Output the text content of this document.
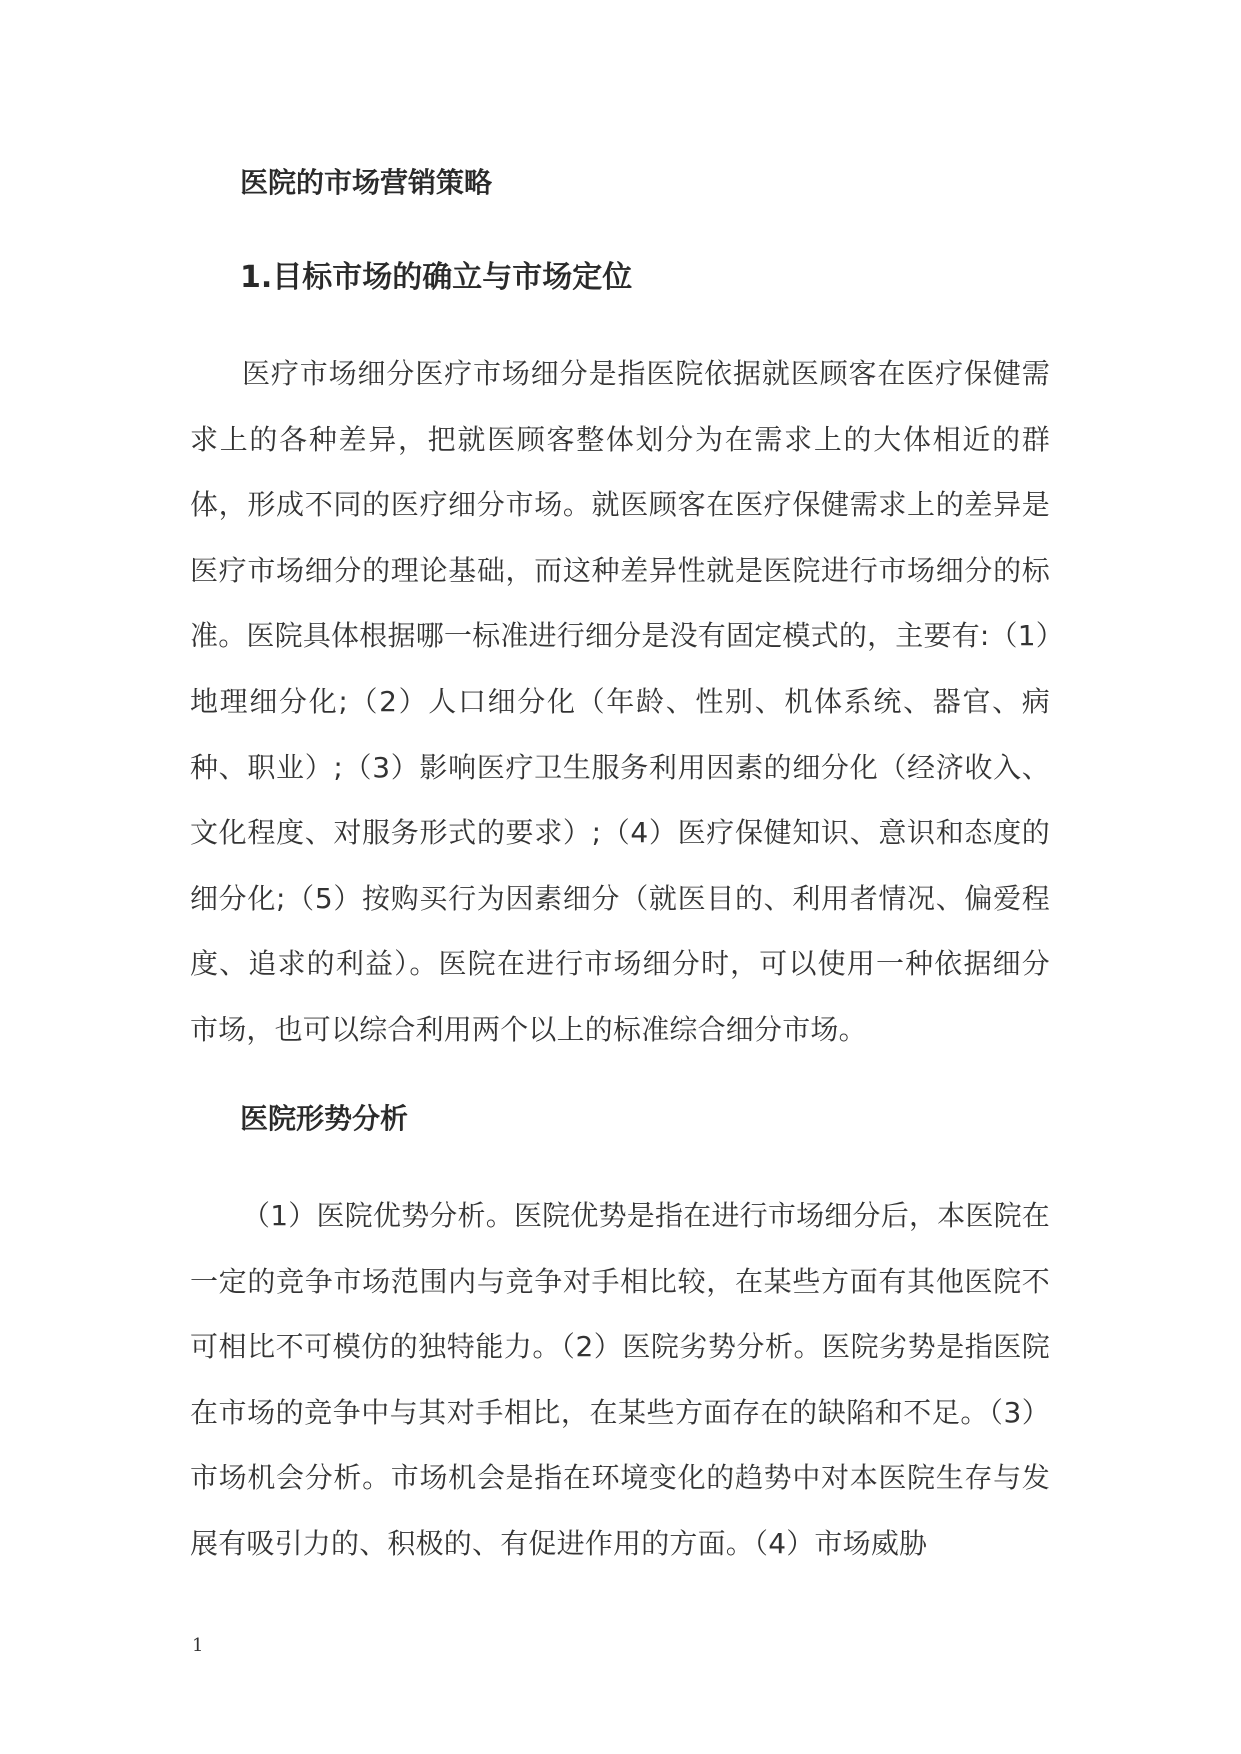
医院的市场营销策略
1.目标市场的确立与市场定位

医疗市场细分医疗市场细分是指医院依据就医顾客在医疗保健需求上的各种差异，把就医顾客整体划分为在需求上的大体相近的群体，形成不同的医疗细分市场。就医顾客在医疗保健需求上的差异是医疗市场细分的理论基础，而这种差异性就是医院进行市场细分的标准。医院具体根据哪一标准进行细分是没有固定模式的，主要有:（1）地理细分化;（2）人口细分化（年龄、性别、机体系统、器官、病种、职业）;（3）影响医疗卫生服务利用因素的细分化（经济收入、文化程度、对服务形式的要求）;（4）医疗保健知识、意识和态度的细分化;（5）按购买行为因素细分（就医目的、利用者情况、偏爱程度、追求的利益）。医院在进行市场细分时，可以使用一种依据细分市场，也可以综合利用两个以上的标准综合细分市场。

医院形势分析

（1）医院优势分析。医院优势是指在进行市场细分后，本医院在一定的竞争市场范围内与竞争对手相比较，在某些方面有其他医院不可相比不可模仿的独特能力。（2）医院劣势分析。医院劣势是指医院在市场的竞争中与其对手相比，在某些方面存在的缺陷和不足。（3）市场机会分析。市场机会是指在环境变化的趋势中对本医院生存与发展有吸引力的、积极的、有促进作用的方面。（4）市场威胁

1
